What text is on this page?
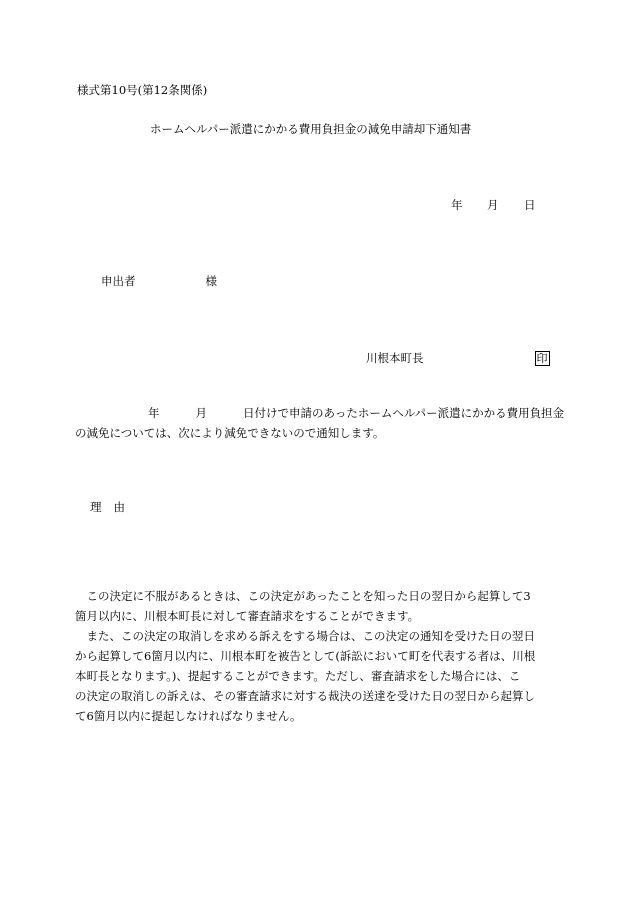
様式第10号(第12条関係)
ホームヘルパー派遣にかかる費用負担金の減免申請却下通知書
年 月 日
申出者	様
川根本町長	印
年	月	日付けで申請のあったホームヘルパー派遣にかかる費用負担金
の減免については、次により減免できないので通知します。
理 由
　この決定に不服があるときは、この決定があったことを知った日の翌日から起算して3
箇月以内に、川根本町長に対して審査請求をすることができます。
　また、この決定の取消しを求める訴えをする場合は、この決定の通知を受けた日の翌日
から起算して6箇月以内に、川根本町を被告として(訴訟において町を代表する者は、川根
本町長となります。)、提起することができます。ただし、審査請求をした場合には、こ
の決定の取消しの訴えは、その審査請求に対する裁決の送達を受けた日の翌日から起算し
て6箇月以内に提起しなければなりません。
